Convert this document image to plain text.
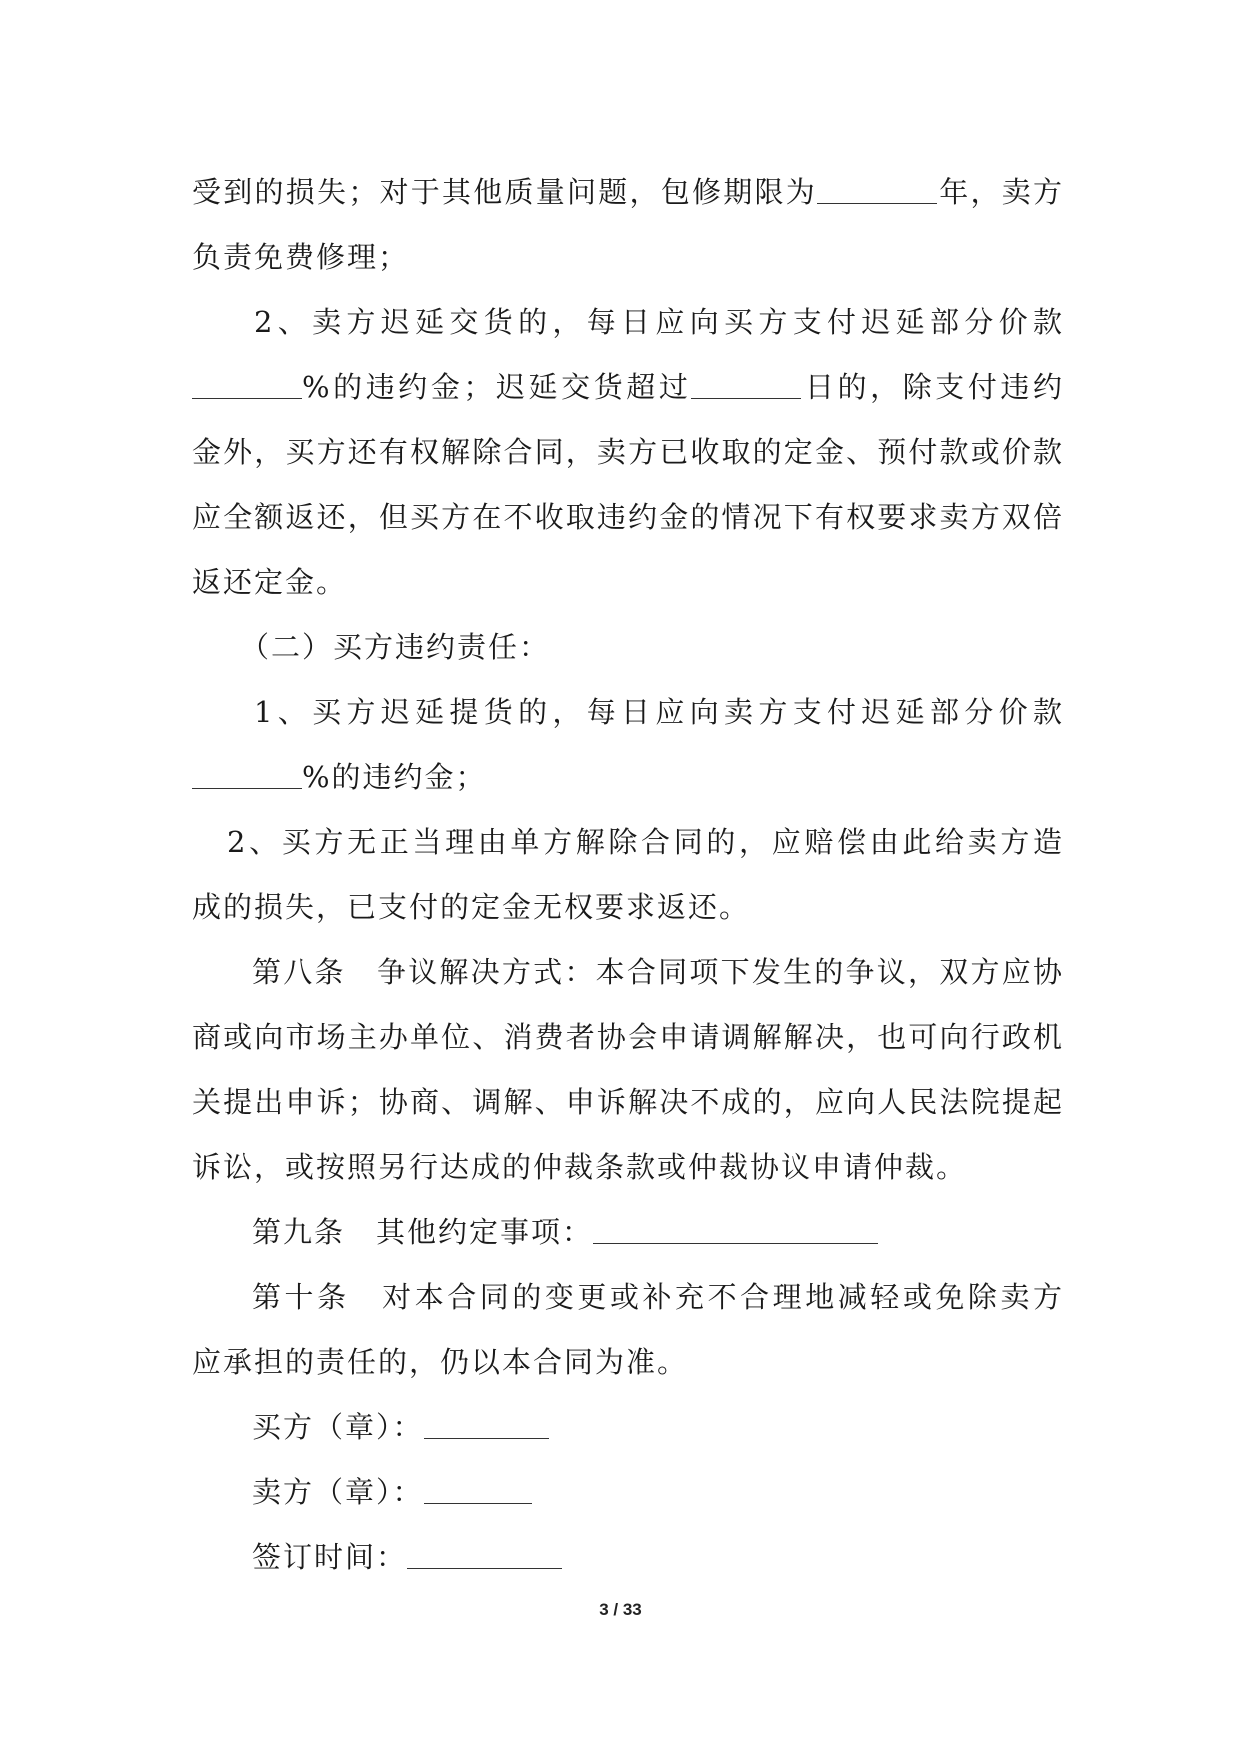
受到的损失；对于其他质量问题，包修期限为	年，卖方
负责免费修理；
2、卖方迟延交货的，每日应向买方支付迟延部分价款
%的违约金；迟延交货超过	日的，除支付违约
金外，买方还有权解除合同，卖方已收取的定金、预付款或价款
应全额返还，但买方在不收取违约金的情况下有权要求卖方双倍
返还定金。
（二）买方违约责任：
1、买方迟延提货的，每日应向卖方支付迟延部分价款
%的违约金；
2、买方无正当理由单方解除合同的，应赔偿由此给卖方造
成的损失，已支付的定金无权要求返还。
第八条　争议解决方式：本合同项下发生的争议，双方应协
商或向市场主办单位、消费者协会申请调解解决，也可向行政机
关提出申诉；协商、调解、申诉解决不成的，应向人民法院提起
诉讼，或按照另行达成的仲裁条款或仲裁协议申请仲裁。
第九条　其他约定事项：
第十条　对本合同的变更或补充不合理地减轻或免除卖方
应承担的责任的，仍以本合同为准。
买方（章）：
卖方（章）：
签订时间：
3 / 33
